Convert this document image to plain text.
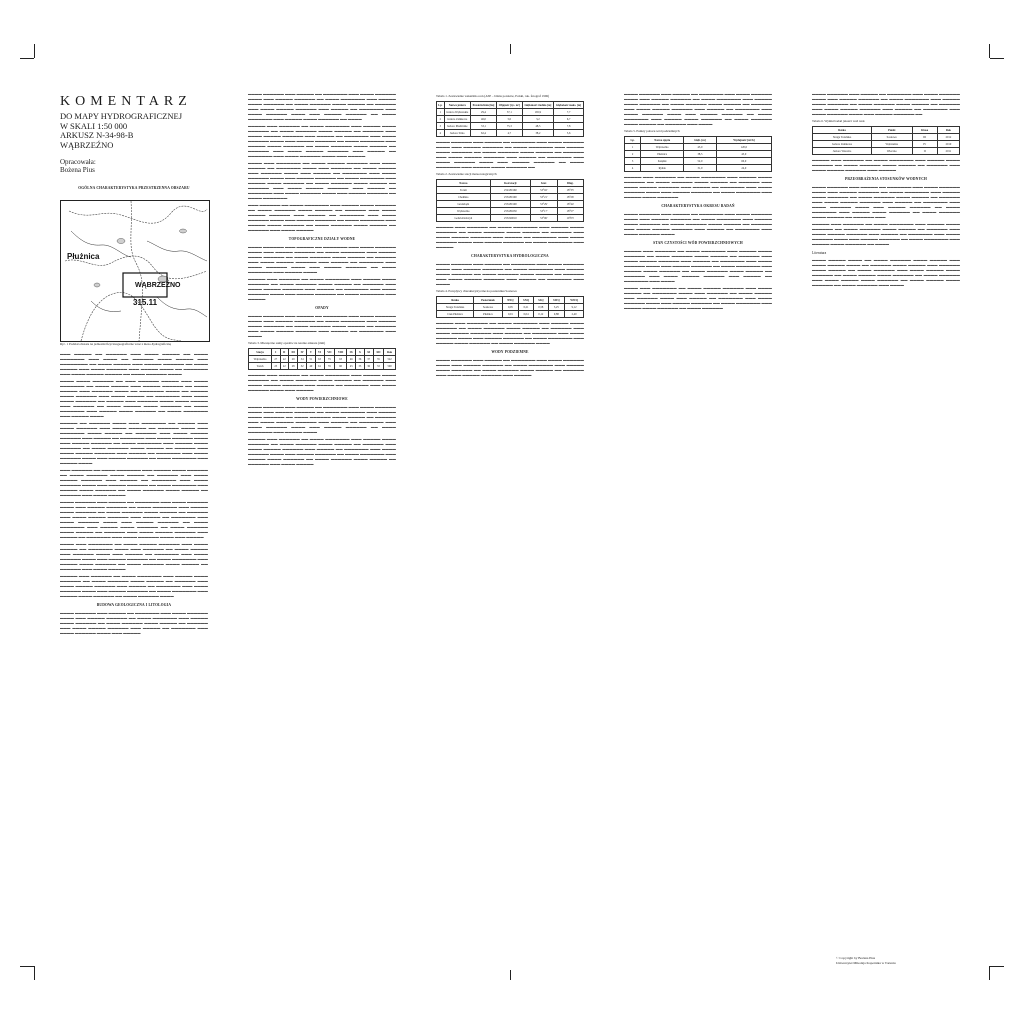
KOMENTARZ
DO MAPY HYDROGRAFICZNEJ
W SKALI 1:50 000
ARKUSZ N-34-98-B
WĄBRZEŹNO
Opracowała:
Bożena Pius
OGÓLNA CHARAKTERYSTYKA PRZESTRZENNA OBSZARU
Płużnica
WĄBRZEŹNO
315.11
Ryc. 1 Podział obszaru na jednostki fizycznogeograficzne wraz z mezo-hydrograficzną

▬▬▬ ▬▬▬▬▬ ▬▬ ▬▬▬▬▬▬ ▬▬▬ ▬▬▬▬ ▬▬▬▬▬ ▬▬ ▬▬▬▬ ▬▬▬▬▬▬▬ ▬▬▬ ▬▬▬▬ ▬▬ ▬▬▬▬▬▬ ▬▬▬▬ ▬▬▬▬▬ ▬▬▬ ▬▬▬▬▬▬▬▬ ▬▬ ▬▬▬▬ ▬▬▬▬▬ ▬▬▬ ▬▬▬▬▬ ▬▬▬▬▬▬ ▬▬ ▬▬▬▬ ▬▬▬▬▬ ▬▬▬ ▬▬▬▬ ▬▬▬▬▬▬ ▬▬▬ ▬▬▬▬▬ ▬▬▬▬ ▬▬ ▬▬▬▬▬▬▬ ▬▬▬ ▬▬▬▬ ▬▬▬▬▬ ▬▬▬▬▬ ▬▬ ▬▬▬▬ ▬▬▬▬▬▬ ▬▬▬▬

▬▬▬▬ ▬▬▬▬ ▬▬▬▬▬▬ ▬▬ ▬▬▬ ▬▬▬▬▬▬ ▬▬▬▬▬ ▬▬▬ ▬▬▬▬ ▬▬▬▬▬▬▬ ▬▬ ▬▬▬▬ ▬▬▬▬▬ ▬▬▬ ▬▬▬▬▬ ▬▬▬▬▬▬ ▬▬ ▬▬▬▬ ▬▬▬▬▬ ▬▬▬ ▬▬▬▬▬▬ ▬▬▬▬ ▬▬ ▬▬▬▬▬▬▬ ▬▬▬▬ ▬▬ ▬▬▬▬▬ ▬▬▬▬ ▬▬▬▬▬▬ ▬▬▬ ▬▬▬▬ ▬▬▬▬▬ ▬▬ ▬▬▬▬▬▬▬ ▬▬▬ ▬▬▬▬ ▬▬▬▬ ▬▬▬▬▬▬ ▬▬ ▬▬▬▬▬ ▬▬▬ ▬▬▬▬▬▬ ▬▬▬▬ ▬▬▬▬ ▬▬▬▬▬ ▬▬▬ ▬▬▬▬▬▬ ▬▬ ▬▬▬▬ ▬▬▬▬▬ ▬▬▬▬ ▬▬▬▬▬▬ ▬▬ ▬▬▬▬ ▬▬▬▬▬▬▬ ▬▬▬ ▬▬▬▬▬ ▬▬▬▬ ▬▬▬▬▬▬ ▬▬ ▬▬▬▬ ▬▬▬▬▬▬▬ ▬▬▬ ▬▬▬▬▬ ▬▬▬▬

▬▬▬▬▬ ▬▬ ▬▬▬▬▬▬ ▬▬▬▬ ▬▬▬ ▬▬▬▬▬▬▬ ▬▬ ▬▬▬▬▬ ▬▬▬ ▬▬▬▬ ▬▬▬▬▬▬ ▬▬▬ ▬▬▬▬ ▬▬▬▬▬ ▬▬ ▬▬▬▬▬▬ ▬▬▬▬ ▬▬▬ ▬▬▬▬▬▬▬ ▬▬▬▬ ▬▬▬▬▬ ▬▬ ▬▬▬▬▬▬ ▬▬▬ ▬▬▬▬ ▬▬▬▬▬ ▬▬▬▬▬▬ ▬▬▬ ▬▬▬▬▬ ▬▬ ▬▬▬▬▬▬▬ ▬▬▬ ▬▬▬▬ ▬▬▬▬▬▬ ▬▬▬▬ ▬▬▬ ▬▬▬▬▬ ▬▬▬▬▬▬ ▬▬ ▬▬▬▬ ▬▬▬▬▬▬▬ ▬▬▬ ▬▬▬▬▬ ▬▬▬▬ ▬▬▬▬▬▬ ▬▬ ▬▬▬▬ ▬▬▬▬▬▬ ▬▬▬▬ ▬▬▬▬▬ ▬▬ ▬▬▬▬▬▬ ▬▬▬ ▬▬▬▬ ▬▬▬▬▬ ▬▬▬▬▬▬ ▬▬▬ ▬▬▬▬▬ ▬▬ ▬▬▬▬▬▬▬ ▬▬▬ ▬▬▬▬ ▬▬▬▬▬▬ ▬▬▬▬ ▬▬▬ ▬▬▬▬▬ ▬▬▬▬▬▬ ▬▬ ▬▬▬▬ ▬▬▬▬▬▬▬ ▬▬▬ ▬▬▬▬▬ ▬▬▬▬

▬▬▬ ▬▬▬▬▬▬ ▬▬ ▬▬▬▬ ▬▬▬▬▬▬▬ ▬▬▬ ▬▬▬▬▬ ▬▬▬▬ ▬▬▬▬▬▬ ▬▬ ▬▬▬▬ ▬▬▬▬▬▬ ▬▬▬▬ ▬▬▬▬▬ ▬▬ ▬▬▬▬▬▬ ▬▬▬ ▬▬▬▬ ▬▬▬▬▬ ▬▬▬▬▬▬ ▬▬▬ ▬▬▬▬▬ ▬▬ ▬▬▬▬▬▬▬ ▬▬▬ ▬▬▬▬ ▬▬▬▬▬▬ ▬▬▬▬ ▬▬▬ ▬▬▬▬▬ ▬▬▬▬▬▬ ▬▬ ▬▬▬▬ ▬▬▬▬▬▬▬ ▬▬▬ ▬▬▬▬▬ ▬▬▬▬ ▬▬▬▬▬▬ ▬▬ ▬▬▬▬ ▬▬▬▬▬▬ ▬▬▬▬ ▬▬▬▬▬ ▬▬ ▬▬▬▬▬▬ ▬▬▬ ▬▬▬▬ ▬▬▬▬▬

▬▬▬▬ ▬▬▬▬▬▬ ▬▬▬ ▬▬▬▬▬ ▬▬ ▬▬▬▬▬▬▬ ▬▬▬ ▬▬▬▬ ▬▬▬▬▬▬ ▬▬▬▬ ▬▬▬ ▬▬▬▬▬ ▬▬▬▬▬▬ ▬▬ ▬▬▬▬ ▬▬▬▬▬▬▬ ▬▬▬ ▬▬▬▬▬ ▬▬▬▬ ▬▬▬▬▬▬ ▬▬ ▬▬▬▬ ▬▬▬▬▬▬ ▬▬▬▬ ▬▬▬▬▬ ▬▬ ▬▬▬▬▬▬ ▬▬▬ ▬▬▬▬ ▬▬▬▬▬ ▬▬▬▬▬▬ ▬▬▬ ▬▬▬▬▬ ▬▬ ▬▬▬▬▬▬▬ ▬▬▬ ▬▬▬▬ ▬▬▬▬▬▬ ▬▬▬▬ ▬▬▬ ▬▬▬▬▬ ▬▬▬▬▬▬ ▬▬ ▬▬▬▬ ▬▬▬▬▬▬▬ ▬▬▬ ▬▬▬▬▬ ▬▬▬▬ ▬▬▬▬▬▬ ▬▬ ▬▬▬▬ ▬▬▬▬▬▬ ▬▬▬▬ ▬▬▬▬▬ ▬▬ ▬▬▬▬▬▬ ▬▬▬ ▬▬▬▬ ▬▬▬▬▬ ▬▬▬▬▬▬ ▬▬▬ ▬▬▬▬▬ ▬▬ ▬▬▬▬▬▬▬ ▬▬▬ ▬▬▬▬ ▬▬▬▬▬▬ ▬▬▬▬ ▬▬▬ ▬▬▬▬▬

▬▬▬▬ ▬▬▬ ▬▬▬▬▬▬▬ ▬▬ ▬▬▬▬ ▬▬▬▬▬ ▬▬▬▬▬▬ ▬▬▬ ▬▬▬▬ ▬▬▬▬▬ ▬▬ ▬▬▬▬▬▬▬ ▬▬▬▬ ▬▬▬ ▬▬▬▬▬▬ ▬▬ ▬▬▬▬ ▬▬▬▬▬ ▬▬▬ ▬▬▬▬▬▬ ▬▬▬▬ ▬▬▬ ▬▬▬▬▬ ▬▬ ▬▬▬▬▬▬▬ ▬▬▬ ▬▬▬▬ ▬▬▬▬▬▬ ▬▬▬▬ ▬▬▬ ▬▬▬▬▬ ▬▬▬▬▬▬ ▬▬ ▬▬▬▬ ▬▬▬▬▬▬▬ ▬▬▬ ▬▬▬▬▬ ▬▬▬▬ ▬▬▬▬▬▬ ▬▬ ▬▬▬▬ ▬▬▬▬▬▬ ▬▬▬▬ ▬▬▬▬▬ ▬▬ ▬▬▬▬▬▬ ▬▬▬ ▬▬▬▬ ▬▬▬▬▬

▬▬▬▬▬ ▬▬▬ ▬▬▬▬▬▬ ▬▬ ▬▬▬▬ ▬▬▬▬▬▬▬ ▬▬▬ ▬▬▬▬▬ ▬▬▬▬ ▬▬▬▬▬▬ ▬▬ ▬▬▬▬ ▬▬▬▬▬▬ ▬▬▬▬ ▬▬▬▬▬ ▬▬ ▬▬▬▬▬▬ ▬▬▬ ▬▬▬▬ ▬▬▬▬▬ ▬▬▬▬▬▬ ▬▬▬ ▬▬▬▬▬ ▬▬ ▬▬▬▬▬▬▬ ▬▬▬ ▬▬▬▬ ▬▬▬▬▬▬ ▬▬▬▬ ▬▬▬ ▬▬▬▬▬ ▬▬▬▬▬▬ ▬▬ ▬▬▬▬ ▬▬▬▬▬▬▬ ▬▬▬ ▬▬▬▬▬ ▬▬▬▬ ▬▬▬▬▬▬ ▬▬ ▬▬▬▬ ▬▬▬▬▬▬ ▬▬▬▬

BUDOWA GEOLOGICZNA I LITOLOGIA

▬▬▬▬ ▬▬▬▬▬▬ ▬▬▬ ▬▬▬▬▬ ▬▬ ▬▬▬▬▬▬▬ ▬▬▬ ▬▬▬▬ ▬▬▬▬▬▬ ▬▬▬▬ ▬▬▬ ▬▬▬▬▬ ▬▬▬▬▬▬ ▬▬ ▬▬▬▬ ▬▬▬▬▬▬▬ ▬▬▬ ▬▬▬▬▬ ▬▬▬▬ ▬▬▬▬▬▬ ▬▬ ▬▬▬▬ ▬▬▬▬▬▬ ▬▬▬▬ ▬▬▬▬▬ ▬▬ ▬▬▬▬▬▬ ▬▬▬ ▬▬▬▬ ▬▬▬▬▬ ▬▬▬▬▬▬ ▬▬▬ ▬▬▬▬▬ ▬▬ ▬▬▬▬▬▬▬ ▬▬▬ ▬▬▬▬ ▬▬▬▬▬▬ ▬▬▬▬ ▬▬▬ ▬▬▬▬▬

▬▬▬▬ ▬▬▬▬▬▬ ▬▬▬ ▬▬▬▬▬ ▬▬ ▬▬▬▬▬▬▬ ▬▬▬ ▬▬▬▬ ▬▬▬▬▬▬ ▬▬▬▬ ▬▬▬ ▬▬▬▬▬ ▬▬▬▬▬▬ ▬▬ ▬▬▬▬ ▬▬▬▬▬▬▬ ▬▬▬ ▬▬▬▬▬ ▬▬▬▬ ▬▬▬▬▬▬ ▬▬ ▬▬▬▬ ▬▬▬▬▬▬ ▬▬▬▬ ▬▬▬▬▬ ▬▬ ▬▬▬▬▬▬ ▬▬▬ ▬▬▬▬ ▬▬▬▬▬ ▬▬▬▬▬▬ ▬▬▬ ▬▬▬▬▬ ▬▬ ▬▬▬▬▬▬▬ ▬▬▬ ▬▬▬▬ ▬▬▬▬▬▬ ▬▬▬▬ ▬▬▬ ▬▬▬▬▬ ▬▬▬▬▬▬ ▬▬ ▬▬▬▬ ▬▬▬▬▬▬▬ ▬▬▬ ▬▬▬▬▬ ▬▬▬▬ ▬▬▬▬▬▬ ▬▬ ▬▬▬▬

▬▬▬▬▬ ▬▬▬ ▬▬▬▬▬▬ ▬▬ ▬▬▬▬ ▬▬▬▬▬▬▬ ▬▬▬ ▬▬▬▬▬ ▬▬▬▬ ▬▬▬▬▬▬ ▬▬ ▬▬▬▬ ▬▬▬▬▬▬ ▬▬▬▬ ▬▬▬▬▬ ▬▬ ▬▬▬▬▬▬ ▬▬▬ ▬▬▬▬ ▬▬▬▬▬ ▬▬▬▬▬▬ ▬▬▬ ▬▬▬▬▬ ▬▬ ▬▬▬▬▬▬▬ ▬▬▬ ▬▬▬▬ ▬▬▬▬▬▬ ▬▬▬▬ ▬▬▬ ▬▬▬▬▬ ▬▬▬▬▬▬ ▬▬ ▬▬▬▬ ▬▬▬▬▬▬▬ ▬▬▬ ▬▬▬▬▬ ▬▬▬▬ ▬▬▬▬▬▬ ▬▬ ▬▬▬▬ ▬▬▬▬▬▬ ▬▬▬▬ ▬▬▬▬▬ ▬▬ ▬▬▬▬▬▬ ▬▬▬ ▬▬▬▬ ▬▬▬▬▬ ▬▬▬▬▬▬ ▬▬▬ ▬▬▬▬▬ ▬▬ ▬▬▬▬▬▬▬ ▬▬▬ ▬▬▬▬ ▬▬▬▬▬▬ ▬▬▬▬ ▬▬▬ ▬▬▬▬▬

▬▬▬▬ ▬▬▬ ▬▬▬▬▬▬▬ ▬▬ ▬▬▬▬ ▬▬▬▬▬ ▬▬▬▬▬▬ ▬▬▬ ▬▬▬▬ ▬▬▬▬▬ ▬▬ ▬▬▬▬▬▬▬ ▬▬▬▬ ▬▬▬ ▬▬▬▬▬▬ ▬▬ ▬▬▬▬ ▬▬▬▬▬ ▬▬▬ ▬▬▬▬▬▬ ▬▬▬▬ ▬▬▬ ▬▬▬▬▬ ▬▬ ▬▬▬▬▬▬▬ ▬▬▬ ▬▬▬▬ ▬▬▬▬▬▬ ▬▬▬▬ ▬▬▬ ▬▬▬▬▬ ▬▬▬▬▬▬ ▬▬ ▬▬▬▬ ▬▬▬▬▬▬▬ ▬▬▬ ▬▬▬▬▬ ▬▬▬▬ ▬▬▬▬▬▬ ▬▬ ▬▬▬▬ ▬▬▬▬▬▬ ▬▬▬▬ ▬▬▬▬▬ ▬▬ ▬▬▬▬▬▬ ▬▬▬ ▬▬▬▬ ▬▬▬▬▬ ▬▬▬▬▬▬ ▬▬▬ ▬▬▬▬▬ ▬▬ ▬▬▬▬▬▬▬ ▬▬▬ ▬▬▬▬ ▬▬▬▬▬▬ ▬▬▬▬ ▬▬▬ ▬▬▬▬▬ ▬▬▬▬▬▬ ▬▬ ▬▬▬▬ ▬▬▬▬▬▬▬

▬▬▬ ▬▬▬▬▬▬ ▬▬ ▬▬▬▬ ▬▬▬▬▬▬▬ ▬▬▬ ▬▬▬▬▬ ▬▬▬▬ ▬▬▬▬▬▬ ▬▬ ▬▬▬▬ ▬▬▬▬▬▬ ▬▬▬▬ ▬▬▬▬▬ ▬▬ ▬▬▬▬▬▬ ▬▬▬ ▬▬▬▬ ▬▬▬▬▬ ▬▬▬▬▬▬ ▬▬▬ ▬▬▬▬▬ ▬▬ ▬▬▬▬▬▬▬ ▬▬▬ ▬▬▬▬ ▬▬▬▬▬▬ ▬▬▬▬ ▬▬▬ ▬▬▬▬▬ ▬▬▬▬▬▬ ▬▬ ▬▬▬▬ ▬▬▬▬▬▬▬ ▬▬▬ ▬▬▬▬▬ ▬▬▬▬ ▬▬▬▬▬▬ ▬▬ ▬▬▬▬ ▬▬▬▬▬▬ ▬▬▬▬ ▬▬▬▬▬ ▬▬ ▬▬▬▬▬▬ ▬▬▬ ▬▬▬▬ ▬▬▬▬▬

TOPOGRAFICZNE DZIAŁY WODNE

▬▬▬▬ ▬▬▬▬▬▬ ▬▬▬ ▬▬▬▬▬ ▬▬ ▬▬▬▬▬▬▬ ▬▬▬ ▬▬▬▬ ▬▬▬▬▬▬ ▬▬▬▬ ▬▬▬ ▬▬▬▬▬ ▬▬▬▬▬▬ ▬▬ ▬▬▬▬ ▬▬▬▬▬▬▬ ▬▬▬ ▬▬▬▬▬ ▬▬▬▬ ▬▬▬▬▬▬ ▬▬ ▬▬▬▬ ▬▬▬▬▬▬ ▬▬▬▬ ▬▬▬▬▬ ▬▬ ▬▬▬▬▬▬ ▬▬▬ ▬▬▬▬ ▬▬▬▬▬ ▬▬▬▬▬▬ ▬▬▬ ▬▬▬▬▬ ▬▬ ▬▬▬▬▬▬▬ ▬▬▬ ▬▬▬▬ ▬▬▬▬▬▬ ▬▬▬▬ ▬▬▬ ▬▬▬▬▬ ▬▬▬▬▬▬ ▬▬ ▬▬▬▬ ▬▬▬▬▬▬▬ ▬▬▬ ▬▬▬▬▬ ▬▬▬▬

▬▬▬▬▬ ▬▬▬ ▬▬▬▬▬▬ ▬▬ ▬▬▬▬ ▬▬▬▬▬▬▬ ▬▬▬ ▬▬▬▬▬ ▬▬▬▬ ▬▬▬▬▬▬ ▬▬ ▬▬▬▬ ▬▬▬▬▬▬ ▬▬▬▬ ▬▬▬▬▬ ▬▬ ▬▬▬▬▬▬ ▬▬▬ ▬▬▬▬ ▬▬▬▬▬ ▬▬▬▬▬▬ ▬▬▬ ▬▬▬▬▬ ▬▬ ▬▬▬▬▬▬▬ ▬▬▬ ▬▬▬▬ ▬▬▬▬▬▬ ▬▬▬▬ ▬▬▬ ▬▬▬▬▬ ▬▬▬▬▬▬ ▬▬ ▬▬▬▬ ▬▬▬▬▬▬▬ ▬▬▬ ▬▬▬▬▬

OPADY

▬▬▬▬ ▬▬▬▬▬▬ ▬▬▬ ▬▬▬▬▬ ▬▬ ▬▬▬▬▬▬▬ ▬▬▬ ▬▬▬▬ ▬▬▬▬▬▬ ▬▬▬▬ ▬▬▬ ▬▬▬▬▬ ▬▬▬▬▬▬ ▬▬ ▬▬▬▬ ▬▬▬▬▬▬▬ ▬▬▬ ▬▬▬▬▬ ▬▬▬▬ ▬▬▬▬▬▬ ▬▬ ▬▬▬▬ ▬▬▬▬▬▬ ▬▬▬▬ ▬▬▬▬▬ ▬▬ ▬▬▬▬▬▬ ▬▬▬ ▬▬▬▬ ▬▬▬▬▬ ▬▬▬▬▬▬ ▬▬▬ ▬▬▬▬▬ ▬▬ ▬▬▬▬▬▬▬ ▬▬▬ ▬▬▬▬

Tabela 3. Miesięczne sumy opadów na terenie arkusza (mm)
Stacja	I	II	III	IV	V	VI	VII	VIII	IX	X	XI	XII	Rok
Wąbrzeźno	27	22	29	34	51	63	79	63	46	36	37	35	522
Toruń	25	22	28	32	49	61	76	60	45	33	36	33	500

▬▬▬▬▬ ▬▬▬ ▬▬▬▬▬▬ ▬▬ ▬▬▬▬ ▬▬▬▬▬▬▬ ▬▬▬ ▬▬▬▬▬ ▬▬▬▬ ▬▬▬▬▬▬ ▬▬ ▬▬▬▬ ▬▬▬▬▬▬ ▬▬▬▬ ▬▬▬▬▬ ▬▬ ▬▬▬▬▬▬ ▬▬▬ ▬▬▬▬ ▬▬▬▬▬ ▬▬▬▬▬▬ ▬▬▬ ▬▬▬▬▬ ▬▬ ▬▬▬▬▬▬▬ ▬▬▬ ▬▬▬▬ ▬▬▬▬▬▬ ▬▬▬▬ ▬▬▬ ▬▬▬▬▬

WODY POWIERZCHNIOWE

▬▬▬▬ ▬▬▬▬▬▬ ▬▬▬ ▬▬▬▬▬ ▬▬ ▬▬▬▬▬▬▬ ▬▬▬ ▬▬▬▬ ▬▬▬▬▬▬ ▬▬▬▬ ▬▬▬ ▬▬▬▬▬ ▬▬▬▬▬▬ ▬▬ ▬▬▬▬ ▬▬▬▬▬▬▬ ▬▬▬ ▬▬▬▬▬ ▬▬▬▬ ▬▬▬▬▬▬ ▬▬ ▬▬▬▬ ▬▬▬▬▬▬ ▬▬▬▬ ▬▬▬▬▬ ▬▬ ▬▬▬▬▬▬ ▬▬▬ ▬▬▬▬ ▬▬▬▬▬ ▬▬▬▬▬▬ ▬▬▬ ▬▬▬▬▬ ▬▬ ▬▬▬▬▬▬▬ ▬▬▬ ▬▬▬▬ ▬▬▬▬▬▬ ▬▬▬▬ ▬▬▬ ▬▬▬▬▬ ▬▬▬▬▬▬ ▬▬ ▬▬▬▬ ▬▬▬▬▬▬▬ ▬▬▬ ▬▬▬▬▬ ▬▬▬▬

▬▬▬▬▬ ▬▬▬ ▬▬▬▬▬▬ ▬▬ ▬▬▬▬ ▬▬▬▬▬▬▬ ▬▬▬ ▬▬▬▬▬ ▬▬▬▬ ▬▬▬▬▬▬ ▬▬ ▬▬▬▬ ▬▬▬▬▬▬ ▬▬▬▬ ▬▬▬▬▬ ▬▬ ▬▬▬▬▬▬ ▬▬▬ ▬▬▬▬ ▬▬▬▬▬ ▬▬▬▬▬▬ ▬▬▬ ▬▬▬▬▬ ▬▬ ▬▬▬▬▬▬▬ ▬▬▬ ▬▬▬▬ ▬▬▬▬▬▬ ▬▬▬▬ ▬▬▬ ▬▬▬▬▬ ▬▬▬▬▬▬ ▬▬ ▬▬▬▬ ▬▬▬▬▬▬▬ ▬▬▬ ▬▬▬▬▬ ▬▬▬▬ ▬▬▬▬▬▬ ▬▬ ▬▬▬▬ ▬▬▬▬▬▬ ▬▬▬▬ ▬▬▬▬▬ ▬▬ ▬▬▬▬▬▬ ▬▬▬ ▬▬▬▬ ▬▬▬▬▬

Tabela 1. Zestawienie wskaźnik ocen (ASP – bilans potoków, Polski, rok. fotograf 1996)
Lp.	Nazwa jeziora	Powierzchnia [ha]	Objętość [tys. m³]	Głębokość średnia [m]	Głębokość maks. [m]
1	Jezioro Wąbrzeskie	29,4	37,1	165,9	7,7
2	Jezioro Zamkowe	46,0	5,0	3,2	6,7
3	Jezioro Płużnickie	33,1	75,3	48,5	7,8
4	Jezioro Sitno	62,4	4,7	38,2	5,6

▬▬▬▬ ▬▬▬▬▬▬ ▬▬▬ ▬▬▬▬▬ ▬▬ ▬▬▬▬▬▬▬ ▬▬▬ ▬▬▬▬ ▬▬▬▬▬▬ ▬▬▬▬ ▬▬▬ ▬▬▬▬▬ ▬▬▬▬▬▬ ▬▬ ▬▬▬▬ ▬▬▬▬▬▬▬ ▬▬▬ ▬▬▬▬▬ ▬▬▬▬ ▬▬▬▬▬▬ ▬▬ ▬▬▬▬ ▬▬▬▬▬▬ ▬▬▬▬ ▬▬▬▬▬ ▬▬ ▬▬▬▬▬▬ ▬▬▬ ▬▬▬▬ ▬▬▬▬▬ ▬▬▬▬▬▬ ▬▬▬ ▬▬▬▬▬ ▬▬ ▬▬▬▬▬▬▬ ▬▬▬ ▬▬▬▬ ▬▬▬▬▬▬ ▬▬▬▬ ▬▬▬ ▬▬▬▬▬ ▬▬▬▬▬▬ ▬▬ ▬▬▬▬ ▬▬▬▬▬▬▬ ▬▬▬ ▬▬▬▬▬ ▬▬▬▬ ▬▬▬▬▬▬ ▬▬

Tabela 2. Zestawienie stacji meteorologicznych
Nazwa	Kod stacji	Szer.	Dług.
Toruń	252180160	53°02'	18°35'
Chełmno	253180190	53°21'	18°26'
Grudziądz	253180100	53°29'	18°44'
Wąbrzeźno	253180230	53°17'	18°57'
Golub-Dobrzyń	253190010	53°06'	19°03'

▬▬▬▬▬ ▬▬▬ ▬▬▬▬▬▬ ▬▬ ▬▬▬▬ ▬▬▬▬▬▬▬ ▬▬▬ ▬▬▬▬▬ ▬▬▬▬ ▬▬▬▬▬▬ ▬▬ ▬▬▬▬ ▬▬▬▬▬▬ ▬▬▬▬ ▬▬▬▬▬ ▬▬ ▬▬▬▬▬▬ ▬▬▬ ▬▬▬▬ ▬▬▬▬▬ ▬▬▬▬▬▬ ▬▬▬ ▬▬▬▬▬ ▬▬ ▬▬▬▬▬▬▬ ▬▬▬ ▬▬▬▬ ▬▬▬▬▬▬ ▬▬▬▬ ▬▬▬ ▬▬▬▬▬ ▬▬▬▬▬▬ ▬▬ ▬▬▬▬ ▬▬▬▬▬▬▬ ▬▬▬ ▬▬▬▬▬

CHARAKTERYSTYKA HYDROLOGICZNA

▬▬▬▬ ▬▬▬▬▬▬ ▬▬▬ ▬▬▬▬▬ ▬▬ ▬▬▬▬▬▬▬ ▬▬▬ ▬▬▬▬ ▬▬▬▬▬▬ ▬▬▬▬ ▬▬▬ ▬▬▬▬▬ ▬▬▬▬▬▬ ▬▬ ▬▬▬▬ ▬▬▬▬▬▬▬ ▬▬▬ ▬▬▬▬▬ ▬▬▬▬ ▬▬▬▬▬▬ ▬▬ ▬▬▬▬ ▬▬▬▬▬▬ ▬▬▬▬ ▬▬▬▬▬ ▬▬ ▬▬▬▬▬▬ ▬▬▬ ▬▬▬▬ ▬▬▬▬▬ ▬▬▬▬▬▬ ▬▬▬ ▬▬▬▬▬ ▬▬ ▬▬▬▬▬▬▬ ▬▬▬ ▬▬▬▬

Tabela 4. Przepływy charakterystyczne na posterunku Sosnowo
Rzeka	Posterunek	NNQ	SNQ	SSQ	SWQ	WWQ
Struga Toruńska	Sosnowo	0,05	0,21	0,58	3,25	9,12
Ciek Płużnica	Płużnica	0,01	0,04	0,12	0,88	2,40

▬▬▬▬▬ ▬▬▬ ▬▬▬▬▬▬ ▬▬ ▬▬▬▬ ▬▬▬▬▬▬▬ ▬▬▬ ▬▬▬▬▬ ▬▬▬▬ ▬▬▬▬▬▬ ▬▬ ▬▬▬▬ ▬▬▬▬▬▬ ▬▬▬▬ ▬▬▬▬▬ ▬▬ ▬▬▬▬▬▬ ▬▬▬ ▬▬▬▬ ▬▬▬▬▬ ▬▬▬▬▬▬ ▬▬▬ ▬▬▬▬▬ ▬▬ ▬▬▬▬▬▬▬ ▬▬▬ ▬▬▬▬ ▬▬▬▬▬▬ ▬▬▬▬ ▬▬▬ ▬▬▬▬▬ ▬▬▬▬▬▬ ▬▬ ▬▬▬▬ ▬▬▬▬▬▬▬ ▬▬▬ ▬▬▬▬▬ ▬▬▬▬ ▬▬▬▬▬▬ ▬▬ ▬▬▬▬ ▬▬▬▬▬▬ ▬▬▬▬

WODY PODZIEMNE

▬▬▬▬ ▬▬▬▬▬▬ ▬▬▬ ▬▬▬▬▬ ▬▬ ▬▬▬▬▬▬▬ ▬▬▬ ▬▬▬▬ ▬▬▬▬▬▬ ▬▬▬▬ ▬▬▬ ▬▬▬▬▬ ▬▬▬▬▬▬ ▬▬ ▬▬▬▬ ▬▬▬▬▬▬▬ ▬▬▬ ▬▬▬▬▬ ▬▬▬▬ ▬▬▬▬▬▬ ▬▬ ▬▬▬▬ ▬▬▬▬▬▬ ▬▬▬▬ ▬▬▬▬▬ ▬▬ ▬▬▬▬▬▬ ▬▬▬ ▬▬▬▬ ▬▬▬▬▬ ▬▬▬▬▬▬ ▬▬▬ ▬▬▬▬▬

▬▬▬▬ ▬▬▬▬▬▬ ▬▬▬ ▬▬▬▬▬ ▬▬ ▬▬▬▬▬▬▬ ▬▬▬ ▬▬▬▬ ▬▬▬▬▬▬ ▬▬▬▬ ▬▬▬ ▬▬▬▬▬ ▬▬▬▬▬▬ ▬▬ ▬▬▬▬ ▬▬▬▬▬▬▬ ▬▬▬ ▬▬▬▬▬ ▬▬▬▬ ▬▬▬▬▬▬ ▬▬ ▬▬▬▬ ▬▬▬▬▬▬ ▬▬▬▬ ▬▬▬▬▬ ▬▬ ▬▬▬▬▬▬ ▬▬▬ ▬▬▬▬ ▬▬▬▬▬ ▬▬▬▬▬▬ ▬▬▬ ▬▬▬▬▬ ▬▬ ▬▬▬▬▬▬▬ ▬▬▬ ▬▬▬▬ ▬▬▬▬▬▬ ▬▬▬▬ ▬▬▬ ▬▬▬▬▬ ▬▬▬▬▬▬ ▬▬ ▬▬▬▬ ▬▬▬▬▬▬▬ ▬▬▬ ▬▬▬▬▬ ▬▬▬▬ ▬▬▬▬▬▬ ▬▬ ▬▬▬▬ ▬▬▬▬▬▬ ▬▬▬▬ ▬▬▬▬▬ ▬▬ ▬▬▬▬▬▬ ▬▬▬ ▬▬▬▬

Tabela 5. Punkty poboru wód podziemnych
Lp.	Nazwa ujęcia	Głęb. [m]	Wydajność [m³/h]
1	Wąbrzeźno	45,0	120,0
2	Płużnica	38,5	45,0
3	Książki	52,0	60,0
4	Ryńsk	31,0	24,0

▬▬▬▬▬ ▬▬▬ ▬▬▬▬▬▬ ▬▬ ▬▬▬▬ ▬▬▬▬▬▬▬ ▬▬▬ ▬▬▬▬▬ ▬▬▬▬ ▬▬▬▬▬▬ ▬▬ ▬▬▬▬ ▬▬▬▬▬▬ ▬▬▬▬ ▬▬▬▬▬ ▬▬ ▬▬▬▬▬▬ ▬▬▬ ▬▬▬▬ ▬▬▬▬▬ ▬▬▬▬▬▬ ▬▬▬ ▬▬▬▬▬ ▬▬ ▬▬▬▬▬▬▬ ▬▬▬ ▬▬▬▬ ▬▬▬▬▬▬ ▬▬▬▬ ▬▬▬ ▬▬▬▬▬ ▬▬▬▬▬▬ ▬▬ ▬▬▬▬ ▬▬▬▬▬▬▬ ▬▬▬ ▬▬▬▬▬ ▬▬▬▬ ▬▬▬▬▬▬

CHARAKTERYSTYKA OKRESU BADAŃ

▬▬▬▬ ▬▬▬▬▬▬ ▬▬▬ ▬▬▬▬▬ ▬▬ ▬▬▬▬▬▬▬ ▬▬▬ ▬▬▬▬ ▬▬▬▬▬▬ ▬▬▬▬ ▬▬▬ ▬▬▬▬▬ ▬▬▬▬▬▬ ▬▬ ▬▬▬▬ ▬▬▬▬▬▬▬ ▬▬▬ ▬▬▬▬▬ ▬▬▬▬ ▬▬▬▬▬▬ ▬▬ ▬▬▬▬ ▬▬▬▬▬▬ ▬▬▬▬ ▬▬▬▬▬ ▬▬ ▬▬▬▬▬▬ ▬▬▬ ▬▬▬▬ ▬▬▬▬▬ ▬▬▬▬▬▬ ▬▬▬ ▬▬▬▬▬ ▬▬ ▬▬▬▬▬▬▬ ▬▬▬ ▬▬▬▬ ▬▬▬▬▬▬ ▬▬▬▬

STAN CZYSTOŚCI WÓD POWIERZCHNIOWYCH

▬▬▬▬▬ ▬▬▬ ▬▬▬▬▬▬ ▬▬ ▬▬▬▬ ▬▬▬▬▬▬▬ ▬▬▬ ▬▬▬▬▬ ▬▬▬▬ ▬▬▬▬▬▬ ▬▬ ▬▬▬▬ ▬▬▬▬▬▬ ▬▬▬▬ ▬▬▬▬▬ ▬▬ ▬▬▬▬▬▬ ▬▬▬ ▬▬▬▬ ▬▬▬▬▬ ▬▬▬▬▬▬ ▬▬▬ ▬▬▬▬▬ ▬▬ ▬▬▬▬▬▬▬ ▬▬▬ ▬▬▬▬ ▬▬▬▬▬▬ ▬▬▬▬ ▬▬▬ ▬▬▬▬▬ ▬▬▬▬▬▬ ▬▬ ▬▬▬▬ ▬▬▬▬▬▬▬ ▬▬▬ ▬▬▬▬▬ ▬▬▬▬ ▬▬▬▬▬▬ ▬▬ ▬▬▬▬ ▬▬▬▬▬▬ ▬▬▬▬ ▬▬▬▬▬ ▬▬ ▬▬▬▬▬▬ ▬▬▬ ▬▬▬▬ ▬▬▬▬▬ ▬▬▬▬▬▬ ▬▬▬ ▬▬▬▬▬ ▬▬ ▬▬▬▬▬▬▬ ▬▬▬ ▬▬▬▬

▬▬▬▬ ▬▬▬ ▬▬▬▬▬▬▬ ▬▬ ▬▬▬▬ ▬▬▬▬▬ ▬▬▬▬▬▬ ▬▬▬ ▬▬▬▬ ▬▬▬▬▬ ▬▬ ▬▬▬▬▬▬▬ ▬▬▬▬ ▬▬▬ ▬▬▬▬▬▬ ▬▬ ▬▬▬▬ ▬▬▬▬▬ ▬▬▬ ▬▬▬▬▬▬ ▬▬▬▬ ▬▬▬ ▬▬▬▬▬ ▬▬ ▬▬▬▬▬▬▬ ▬▬▬ ▬▬▬▬ ▬▬▬▬▬▬ ▬▬▬▬ ▬▬▬ ▬▬▬▬▬ ▬▬▬▬▬▬ ▬▬ ▬▬▬▬ ▬▬▬▬▬▬▬ ▬▬▬ ▬▬▬▬▬ ▬▬▬▬ ▬▬▬▬▬▬ ▬▬ ▬▬▬▬ ▬▬▬▬▬▬

▬▬▬▬ ▬▬▬▬▬▬ ▬▬▬ ▬▬▬▬▬ ▬▬ ▬▬▬▬▬▬▬ ▬▬▬ ▬▬▬▬ ▬▬▬▬▬▬ ▬▬▬▬ ▬▬▬ ▬▬▬▬▬ ▬▬▬▬▬▬ ▬▬ ▬▬▬▬ ▬▬▬▬▬▬▬ ▬▬▬ ▬▬▬▬▬ ▬▬▬▬ ▬▬▬▬▬▬ ▬▬ ▬▬▬▬ ▬▬▬▬▬▬ ▬▬▬▬ ▬▬▬▬▬ ▬▬ ▬▬▬▬▬▬ ▬▬▬ ▬▬▬▬ ▬▬▬▬▬ ▬▬▬▬▬▬ ▬▬▬ ▬▬▬▬▬ ▬▬ ▬▬▬▬▬▬▬ ▬▬▬ ▬▬▬▬ ▬▬▬▬▬▬ ▬▬▬▬ ▬▬▬ ▬▬▬▬▬ ▬▬▬▬▬▬ ▬▬

Tabela 6. Wyniki badań jakości wód rzek
Rzeka	Punkt	Klasa	Rok
Struga Toruńska	Sosnowo	III	2012
Jezioro Zamkowe	Wąbrzeźno	IV	2010
Jezioro Wieczno	Wieczno	II	2011

▬▬▬▬▬ ▬▬▬ ▬▬▬▬▬▬ ▬▬ ▬▬▬▬ ▬▬▬▬▬▬▬ ▬▬▬ ▬▬▬▬▬ ▬▬▬▬ ▬▬▬▬▬▬ ▬▬ ▬▬▬▬ ▬▬▬▬▬▬ ▬▬▬▬ ▬▬▬▬▬ ▬▬ ▬▬▬▬▬▬ ▬▬▬ ▬▬▬▬ ▬▬▬▬▬ ▬▬▬▬▬▬ ▬▬▬ ▬▬▬▬▬

PRZEOBRAŻENIA STOSUNKÓW WODNYCH

▬▬▬▬ ▬▬▬▬▬▬ ▬▬▬ ▬▬▬▬▬ ▬▬ ▬▬▬▬▬▬▬ ▬▬▬ ▬▬▬▬ ▬▬▬▬▬▬ ▬▬▬▬ ▬▬▬ ▬▬▬▬▬ ▬▬▬▬▬▬ ▬▬ ▬▬▬▬ ▬▬▬▬▬▬▬ ▬▬▬ ▬▬▬▬▬ ▬▬▬▬ ▬▬▬▬▬▬ ▬▬ ▬▬▬▬ ▬▬▬▬▬▬ ▬▬▬▬ ▬▬▬▬▬ ▬▬ ▬▬▬▬▬▬ ▬▬▬ ▬▬▬▬ ▬▬▬▬▬ ▬▬▬▬▬▬ ▬▬▬ ▬▬▬▬▬ ▬▬ ▬▬▬▬▬▬▬ ▬▬▬ ▬▬▬▬ ▬▬▬▬▬▬ ▬▬▬▬ ▬▬▬ ▬▬▬▬▬ ▬▬▬▬▬▬ ▬▬ ▬▬▬▬ ▬▬▬▬▬▬▬ ▬▬▬ ▬▬▬▬▬ ▬▬▬▬ ▬▬▬▬▬▬ ▬▬ ▬▬▬▬ ▬▬▬▬▬▬ ▬▬▬▬ ▬▬▬▬▬ ▬▬ ▬▬▬▬▬▬ ▬▬▬

▬▬▬▬▬ ▬▬▬ ▬▬▬▬▬▬ ▬▬ ▬▬▬▬ ▬▬▬▬▬▬▬ ▬▬▬ ▬▬▬▬▬ ▬▬▬▬ ▬▬▬▬▬▬ ▬▬ ▬▬▬▬ ▬▬▬▬▬▬ ▬▬▬▬ ▬▬▬▬▬ ▬▬ ▬▬▬▬▬▬ ▬▬▬ ▬▬▬▬ ▬▬▬▬▬ ▬▬▬▬▬▬ ▬▬▬ ▬▬▬▬▬ ▬▬ ▬▬▬▬▬▬▬ ▬▬▬ ▬▬▬▬ ▬▬▬▬▬▬ ▬▬▬▬ ▬▬▬ ▬▬▬▬▬ ▬▬▬▬▬▬ ▬▬ ▬▬▬▬ ▬▬▬▬▬▬▬ ▬▬▬ ▬▬▬▬▬ ▬▬▬▬ ▬▬▬▬▬▬ ▬▬ ▬▬▬▬

Literatura

▬▬▬▬ ▬▬▬▬▬ ▬▬▬▬ ▬▬ ▬▬▬▬ ▬▬▬▬▬▬ ▬▬▬▬ ▬▬▬▬▬ ▬▬▬ ▬▬▬▬ ▬▬▬▬▬ ▬▬▬▬ ▬▬ ▬▬▬▬▬▬ ▬▬▬▬ ▬▬▬▬▬ ▬▬▬ ▬▬▬▬▬▬ ▬▬▬▬ ▬▬▬▬▬ ▬▬ ▬▬▬▬ ▬▬▬▬▬▬ ▬▬▬ ▬▬▬▬ ▬▬▬▬▬ ▬▬▬▬ ▬▬▬▬▬▬ ▬▬ ▬▬▬▬ ▬▬▬▬▬ ▬▬▬▬ ▬▬▬▬▬▬ ▬▬ ▬▬▬▬ ▬▬▬▬▬▬ ▬▬▬ ▬▬▬▬ ▬▬▬▬▬ ▬▬▬▬ ▬▬▬▬▬▬ ▬▬ ▬▬▬▬ ▬▬▬▬▬ ▬▬▬▬ ▬▬▬▬▬▬ ▬▬ ▬▬▬▬ ▬▬▬▬▬▬ ▬▬▬ ▬▬▬▬

© Copyright by Bożena Pius
Uniwersytet Mikołaja Kopernika w Toruniu
